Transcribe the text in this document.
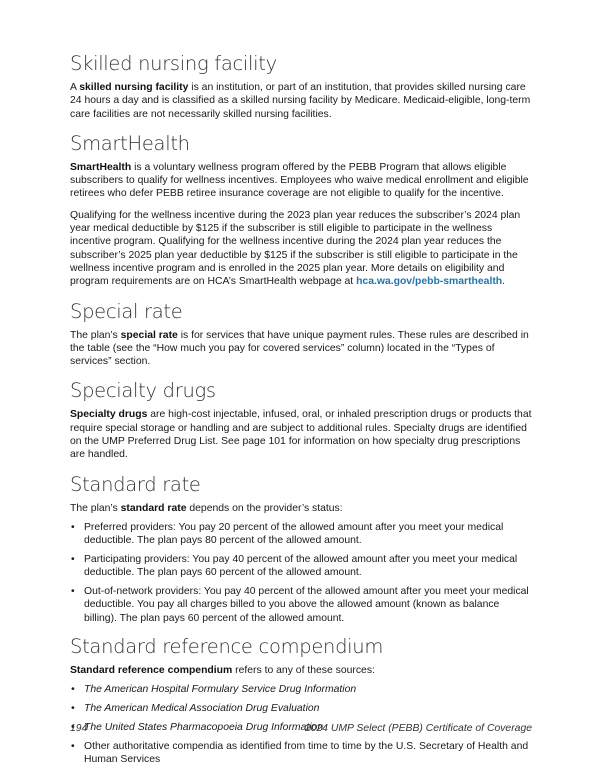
Skilled nursing facility

A skilled nursing facility is an institution, or part of an institution, that provides skilled nursing care 24 hours a day and is classified as a skilled nursing facility by Medicare. Medicaid-eligible, long-term care facilities are not necessarily skilled nursing facilities.

SmartHealth

SmartHealth is a voluntary wellness program offered by the PEBB Program that allows eligible subscribers to qualify for wellness incentives. Employees who waive medical enrollment and eligible retirees who defer PEBB retiree insurance coverage are not eligible to qualify for the incentive.

Qualifying for the wellness incentive during the 2023 plan year reduces the subscriber’s 2024 plan year medical deductible by $125 if the subscriber is still eligible to participate in the wellness incentive program. Qualifying for the wellness incentive during the 2024 plan year reduces the subscriber’s 2025 plan year deductible by $125 if the subscriber is still eligible to participate in the wellness incentive program and is enrolled in the 2025 plan year. More details on eligibility and program requirements are on HCA’s SmartHealth webpage at hca.wa.gov/pebb-smarthealth.

Special rate

The plan’s special rate is for services that have unique payment rules. These rules are described in the table (see the “How much you pay for covered services” column) located in the “Types of services” section.

Specialty drugs

Specialty drugs are high-cost injectable, infused, oral, or inhaled prescription drugs or products that require special storage or handling and are subject to additional rules. Specialty drugs are identified on the UMP Preferred Drug List. See page 101 for information on how specialty drug prescriptions are handled.

Standard rate

The plan’s standard rate depends on the provider’s status:

• Preferred providers: You pay 20 percent of the allowed amount after you meet your medical deductible. The plan pays 80 percent of the allowed amount.
• Participating providers: You pay 40 percent of the allowed amount after you meet your medical deductible. The plan pays 60 percent of the allowed amount.
• Out-of-network providers: You pay 40 percent of the allowed amount after you meet your medical deductible. You pay all charges billed to you above the allowed amount (known as balance billing). The plan pays 60 percent of the allowed amount.
Standard reference compendium

Standard reference compendium refers to any of these sources:

• The American Hospital Formulary Service Drug Information
• The American Medical Association Drug Evaluation
• The United States Pharmacopoeia Drug Information
• Other authoritative compendia as identified from time to time by the U.S. Secretary of Health and Human Services
194	2024 UMP Select (PEBB) Certificate of Coverage
